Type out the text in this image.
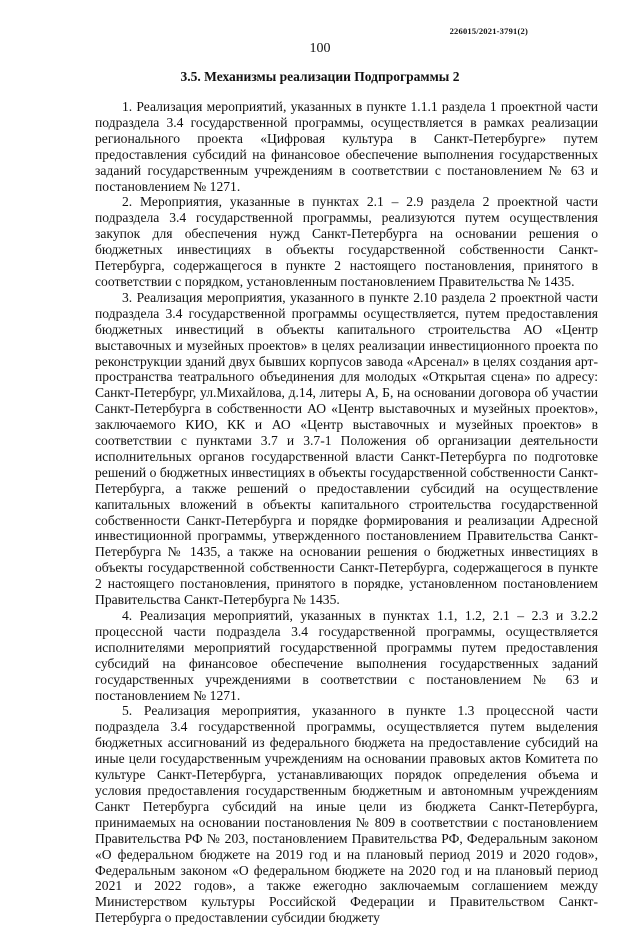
226015/2021-3791(2)
100
3.5. Механизмы реализации Подпрограммы 2

1. Реализация мероприятий, указанных в пункте 1.1.1 раздела 1 проектной части подраздела 3.4 государственной программы, осуществляется в рамках реализации регионального проекта «Цифровая культура в Санкт-Петербурге» путем предоставления субсидий на финансовое обеспечение выполнения государственных заданий государственным учреждениям в соответствии с постановлением № 63 и постановлением № 1271.

2. Мероприятия, указанные в пунктах 2.1 – 2.9 раздела 2 проектной части подраздела 3.4 государственной программы, реализуются путем осуществления закупок для обеспечения нужд Санкт-Петербурга на основании решения о бюджетных инвестициях в объекты государственной собственности Санкт-Петербурга, содержащегося в пункте 2 настоящего постановления, принятого в соответствии с порядком, установленным постановлением Правительства № 1435.

3. Реализация мероприятия, указанного в пункте 2.10 раздела 2 проектной части подраздела 3.4 государственной программы осуществляется, путем предоставления бюджетных инвестиций в объекты капитального строительства АО «Центр выставочных и музейных проектов» в целях реализации инвестиционного проекта по реконструкции зданий двух бывших корпусов завода «Арсенал» в целях создания арт-пространства театрального объединения для молодых «Открытая сцена» по адресу: Санкт-Петербург, ул.Михайлова, д.14, литеры А, Б, на основании договора об участии Санкт-Петербурга в собственности АО «Центр выставочных и музейных проектов», заключаемого КИО, КК и АО «Центр выставочных и музейных проектов» в соответствии с пунктами 3.7 и 3.7-1 Положения об организации деятельности исполнительных органов государственной власти Санкт-Петербурга по подготовке решений о бюджетных инвестициях в объекты государственной собственности Санкт-Петербурга, а также решений о предоставлении субсидий на осуществление капитальных вложений в объекты капитального строительства государственной собственности Санкт-Петербурга и порядке формирования и реализации Адресной инвестиционной программы, утвержденного постановлением Правительства Санкт-Петербурга № 1435, а также на основании решения о бюджетных инвестициях в объекты государственной собственности Санкт-Петербурга, содержащегося в пункте 2 настоящего постановления, принятого в порядке, установленном постановлением Правительства Санкт-Петербурга № 1435.

4. Реализация мероприятий, указанных в пунктах 1.1, 1.2, 2.1 – 2.3 и 3.2.2 процессной части подраздела 3.4 государственной программы, осуществляется исполнителями мероприятий государственной программы путем предоставления субсидий на финансовое обеспечение выполнения государственных заданий государственных учреждениями в соответствии с постановлением № 63 и постановлением № 1271.

5. Реализация мероприятия, указанного в пункте 1.3 процессной части подраздела 3.4 государственной программы, осуществляется путем выделения бюджетных ассигнований из федерального бюджета на предоставление субсидий на иные цели государственным учреждениям на основании правовых актов Комитета по культуре Санкт-Петербурга, устанавливающих порядок определения объема и условия предоставления государственным бюджетным и автономным учреждениям Санкт Петербурга субсидий на иные цели из бюджета Санкт-Петербурга, принимаемых на основании постановления № 809 в соответствии с постановлением Правительства РФ № 203, постановлением Правительства РФ, Федеральным законом «О федеральном бюджете на 2019 год и на плановый период 2019 и 2020 годов», Федеральным законом «О федеральном бюджете на 2020 год и на плановый период 2021 и 2022 годов», а также ежегодно заключаемым соглашением между Министерством культуры Российской Федерации и Правительством Санкт-Петербурга о предоставлении субсидии бюджету
